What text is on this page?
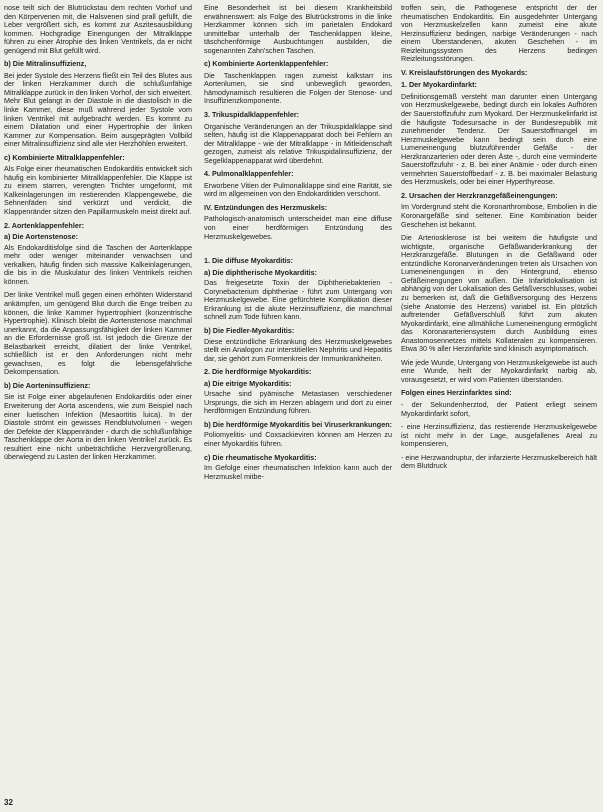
nose teilt sich der Blutrückstau dem rechten Vorhof und den Körpervenen mit, die Halsvenen sind prall gefüllt, die Leber vergrößert sich, es kommt zur Aszitesausbildung kommen. Hochgradige Einengungen der Mitralklappe führen zu einer Atrophie des linken Ventrikels, da er nicht genügend mit Blut gefüllt wird.

b) Die Mitralinsuffizienz,

Bei jeder Systole des Herzens fließt ein Teil des Blutes aus der linken Herzkammer durch die schlußunfähige Mitralklappe zurück in den linken Vorhof, der sich erweitert. Mehr Blut gelangt in der Diastole in die diastolisch in die linke Kammer, diese muß während jeder Systole vom linken Ventrikel mit aufgebracht werden. Es kommt zu einem Dilatation und einer Hypertrophie der linken Kammer zur Kompensation. Beim ausgeprägten Vollbild einer Mitralinsuffizienz sind alle vier Herzhöhlen erweitert.

c) Kombinierte Mitralklappenfehler:

Als Folge einer rheumatischen Endokarditis entwickelt sich häufig ein kombinierter Mitralklappenfehler. Die Klappe ist zu einem starren, verengten Trichter umgeformt, mit Kalkeinlagerungen im restierenden Klappengewebe, die Sehnenfäden sind verkürzt und verdickt, die Klappenränder sitzen den Papillarmuskeln meist direkt auf.

2. Aortenklappenfehler:
a) Die Aortenstenose:

Als Endokarditisfolge sind die Taschen der Aortenklappe mehr oder weniger miteinander verwachsen und verkalken, häufig finden sich massive Kalkeinlagerungen, die bis in die Muskulatur des linken Ventrikels reichen können.

Der linke Ventrikel muß gegen einen erhöhten Widerstand ankämpfen, um genügend Blut durch die Enge treiben zu können, die linke Kammer hypertrophiert (konzentrische Hypertrophie). Klinisch bleibt die Aortenstenose manchmal unerkannt, da die Anpassungsfähigkeit der linken Kammer an die Erfordernisse groß ist. Ist jedoch die Grenze der Belastbarkeit erreicht, dilatiert der linke Ventrikel, schließlich ist er den Anforderungen nicht mehr gewachsen, es folgt die lebensgefährliche Dekompensation.

b) Die Aorteninsuffizienz:

Sie ist Folge einer abgelaufenen Endokarditis oder einer Erweiterung der Aorta ascendens, wie zum Beispiel nach einer luetischen Infektion (Mesaortitis luica). In der Diastole strömt ein gewisses Rendblutvolumen - wegen der Defekte der Klappenränder - durch die schlußunfähige Taschenklappe der Aorta in den linken Ventrikel zurück. Es resultiert eine nicht unbeträchtliche Herzvergrößerung, überwiegend zu Lasten der linken Herzkammer.

Eine Besonderheit ist bei diesem Krankheitsbild erwähnenswert: als Folge des Blutrückstroms in die linke Herzkammer können sich im parietalen Endokard unmittelbar unterhalb der Taschenklappen kleine, täschchenförmige Ausbuchtungen ausbilden, die sogenannten Zahn'schen Taschen.

c) Kombinierte Aortenklappenfehler:

Die Taschenklappen ragen zumeist kalkstarr ins Aortenlumen, sie sind unbeweglich geworden, hämodynamisch resultieren die Folgen der Stenose- und Insuffizienzkomponente.

3. Trikuspidalklappenfehler:

Organische Veränderungen an der Trikuspidalklappe sind selten, häufig ist die Klappenapparat doch bei Fehlern an der Mitralklappe - wie der Mitralklappe - in Mitleidenschaft gezogen, zumeist als relative Trikuspidalinsuffizienz, der Segelklappenapparat wird überdehnt.

4. Pulmonalklappenfehler:

Erworbene Vitien der Pulmonalklappe sind eine Rarität, sie wird im allgemeinen von den Endokarditiden verschont.

IV. Entzündungen des Herzmuskels:

Pathologisch-anatomisch unterscheidet man eine diffuse von einer herdförmigen Entzündung des Herzmuskelgewebes.

1. Die diffuse Myokarditis:
a) Die diphtherische Myokarditis:

Das freigesetzte Toxin der Diphtheriebakterien - Corynebacterium diphtheriae - führt zum Untergang von Herzmuskelgewebe. Eine gefürchtete Komplikation dieser Erkrankung ist die akute Herzinsuffizienz, die manchmal schnell zum Tode führen kann.

b) Die Fiedler-Myokarditis:

Diese entzündliche Erkrankung des Herzmuskelgewebes stellt ein Analogon zur interstitiellen Nephritis und Hepatitis dar, sie gehört zum Formenkreis der Immunkrankheiten.

2. Die herdförmige Myokarditis:
a) Die eitrige Myokarditis:

Ursache sind pyämische Metastasen verschiedener Ursprungs, die sich im Herzen ablagern und dort zu einer herdförmigen Entzündung führen.

b) Die herdförmige Myokarditis bei Viruserkrankungen:

Poliomyelitis- und Coxsackieviren können am Herzen zu einer Myokarditis führen.

c) Die rheumatische Myokarditis:

Im Gefolge einer rheumatischen Infektion kann auch der Herzmuskel mitbe-

troffen sein, die Pathogenese entspricht der der rheumatischen Endokarditis. Ein ausgedehnter Untergang von Herzmuskelzellen kann zumeist eine akute Herzinsuffizienz bedingen, narbige Veränderungen - nach einem Überstandenen, akuten Geschehen - im Reizleitungssystem des Herzens bedingen Reizleitungsstörungen.

V. Kreislaufstörungen des Myokards:
1. Der Myokardinfarkt:

Definitionsgemäß versteht man darunter einen Untergang von Herzmuskelgewebe, bedingt durch ein lokales Aufhören der Sauerstoffzufuhr zum Myokard. Der Herzmuskelinfarkt ist die häufigste Todesursache in der Bundesrepublik mit zunehmender Tendenz. Der Sauerstoffmangel im Herzmuskelgewebe kann bedingt sein durch eine Lumeneinengung blutzuführender Gefäße - der Herzkranzarterien oder deren Äste -, durch eine verminderte Sauerstoffzufuhr - z. B. bei einer Anämie - oder durch einen vermehrten Sauerstoffbedarf - z. B. bei maximaler Belastung des Herzmuskels, oder bei einer Hyperthyreose.

2. Ursachen der Herzkranzgefäßeinengungen:

Im Vordergrund steht die Koronarthrombose, Embolien in die Koronargefäße sind seltener. Eine Kombination beider Geschehen ist bekannt.

Die Arteriosklerose ist bei weitem die häufigste und wichtigste, organische Gefäßwanderkrankung der Herzkranzgefäße. Blutungen in die Gefäßwand oder entzündliche Koronarveränderungen treten als Ursachen von Lumeneinengungen in den Hintergrund, ebenso Gefäßeinengungen von außen. Die Infarktlokalisation ist abhängig von der Lokalisation des Gefäßverschlusses, wobei zu bemerken ist, daß die Gefäßversorgung des Herzens (siehe Anatomie des Herzens) variabel ist. Ein plötzlich auftretender Gefäßverschluß führt zum akuten Myokardinfarkt, eine allmähliche Lumeneinengung ermöglicht das Koronararteriensystem durch Ausbildung eines Anastomosennetzes mittels Kollateralen zu kompensieren. Etwa 30 % aller Herzinfarkte sind klinisch asymptomatisch.

Wie jede Wunde, Untergang von Herzmuskelgewebe ist auch eine Wunde, heilt der Myokardinfarkt narbig ab, vorausgesetzt, er wird vom Patienten überstanden.

Folgen eines Herzinfarktes sind:

- der Sekundenherztod, der Patient erliegt seinem Myokardinfarkt sofort,

- eine Herzinsuffizienz, das restierende Herzmuskelgewebe ist nicht mehr in der Lage, ausgefallenes Areal zu kompensieren,

- eine Herzwandruptur, der infarzierte Herzmuskelbereich hält dem Blutdruck

32
